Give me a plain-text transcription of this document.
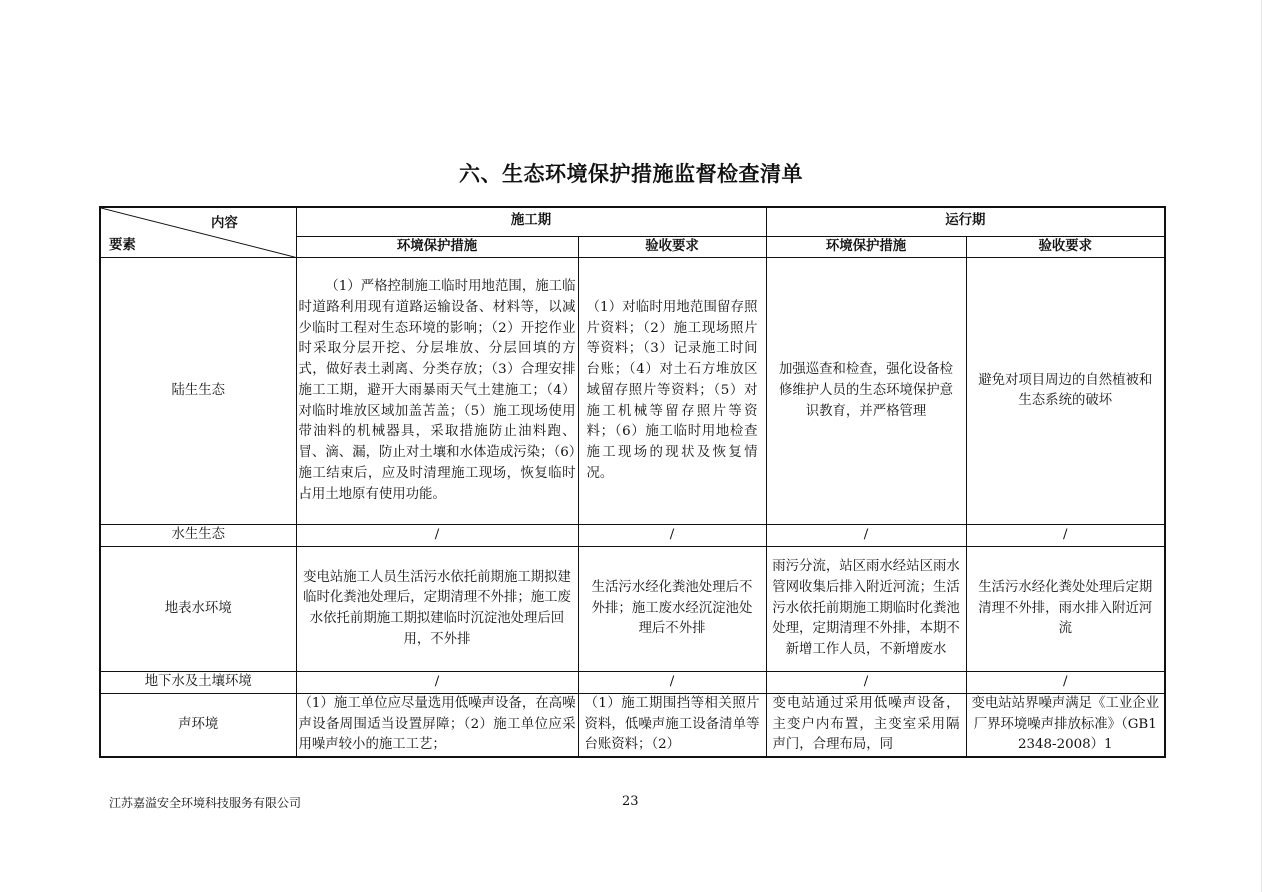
六、生态环境保护措施监督检查清单
内容
要素	施工期		运行期	
	环境保护措施	验收要求	环境保护措施	验收要求
陆生生态	（1）严格控制施工临时用地范围，施工临时道路利用现有道路运输设备、材料等，以减少临时工程对生态环境的影响；（2）开挖作业时采取分层开挖、分层堆放、分层回填的方式，做好表土剥离、分类存放；（3）合理安排施工工期，避开大雨暴雨天气土建施工；（4）对临时堆放区域加盖苫盖；（5）施工现场使用带油料的机械器具，采取措施防止油料跑、冒、滴、漏，防止对土壤和水体造成污染；（6）施工结束后，应及时清理施工现场，恢复临时占用土地原有使用功能。	（1）对临时用地范围留存照片资料；（2）施工现场照片等资料；（3）记录施工时间台账；（4）对土石方堆放区域留存照片等资料；（5）对施工机械等留存照片等资料；（6）施工临时用地检查施工现场的现状及恢复情况。	加强巡查和检查，强化设备检修维护人员的生态环境保护意识教育，并严格管理	避免对项目周边的自然植被和生态系统的破坏
水生生态	/	/	/	/
地表水环境	变电站施工人员生活污水依托前期施工期拟建临时化粪池处理后，定期清理不外排；施工废水依托前期施工期拟建临时沉淀池处理后回用，不外排	生活污水经化粪池处理后不外排；施工废水经沉淀池处理后不外排	雨污分流，站区雨水经站区雨水管网收集后排入附近河流；生活污水依托前期施工期临时化粪池处理，定期清理不外排，本期不新增工作人员，不新增废水	生活污水经化粪处处理后定期清理不外排，雨水排入附近河流
地下水及土壤环境	/	/	/	/
声环境	（1）施工单位应尽量选用低噪声设备，在高噪声设备周围适当设置屏障；（2）施工单位应采用噪声较小的施工工艺；	（1）施工期围挡等相关照片资料，低噪声施工设备清单等台账资料；（2）	变电站通过采用低噪声设备，主变户内布置，主变室采用隔声门，合理布局，同	变电站站界噪声满足《工业企业厂界环境噪声排放标准》（GB12348-2008）1
江苏嘉溢安全环境科技服务有限公司	23
